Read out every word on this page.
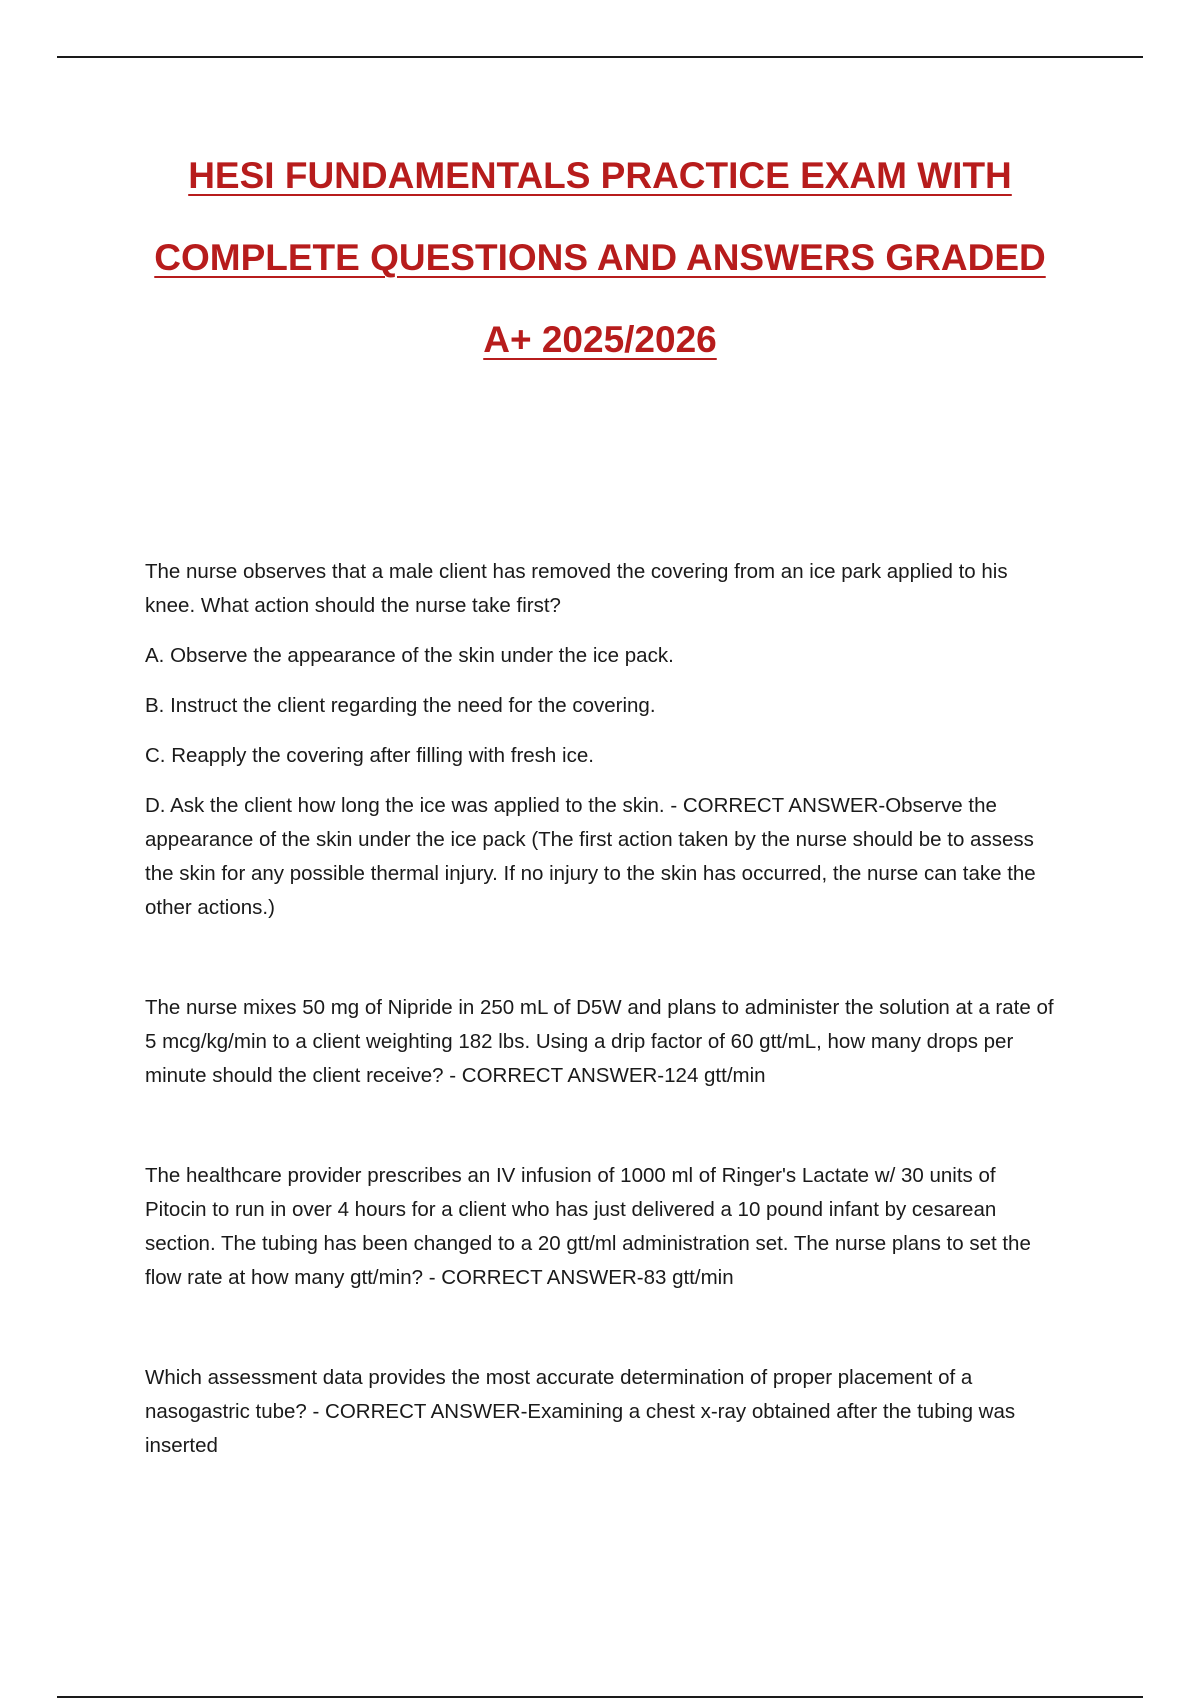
HESI FUNDAMENTALS PRACTICE EXAM WITH
COMPLETE QUESTIONS AND ANSWERS GRADED
A+ 2025/2026

The nurse observes that a male client has removed the covering from an ice park applied to his knee. What action should the nurse take first?

A. Observe the appearance of the skin under the ice pack.

B. Instruct the client regarding the need for the covering.

C. Reapply the covering after filling with fresh ice.

D. Ask the client how long the ice was applied to the skin. - CORRECT ANSWER-Observe the appearance of the skin under the ice pack (The first action taken by the nurse should be to assess the skin for any possible thermal injury. If no injury to the skin has occurred, the nurse can take the other actions.)

The nurse mixes 50 mg of Nipride in 250 mL of D5W and plans to administer the solution at a rate of 5 mcg/kg/min to a client weighting 182 lbs. Using a drip factor of 60 gtt/mL, how many drops per minute should the client receive? - CORRECT ANSWER-124 gtt/min

The healthcare provider prescribes an IV infusion of 1000 ml of Ringer's Lactate w/ 30 units of Pitocin to run in over 4 hours for a client who has just delivered a 10 pound infant by cesarean section. The tubing has been changed to a 20 gtt/ml administration set. The nurse plans to set the flow rate at how many gtt/min? - CORRECT ANSWER-83 gtt/min

Which assessment data provides the most accurate determination of proper placement of a nasogastric tube? - CORRECT ANSWER-Examining a chest x-ray obtained after the tubing was inserted
